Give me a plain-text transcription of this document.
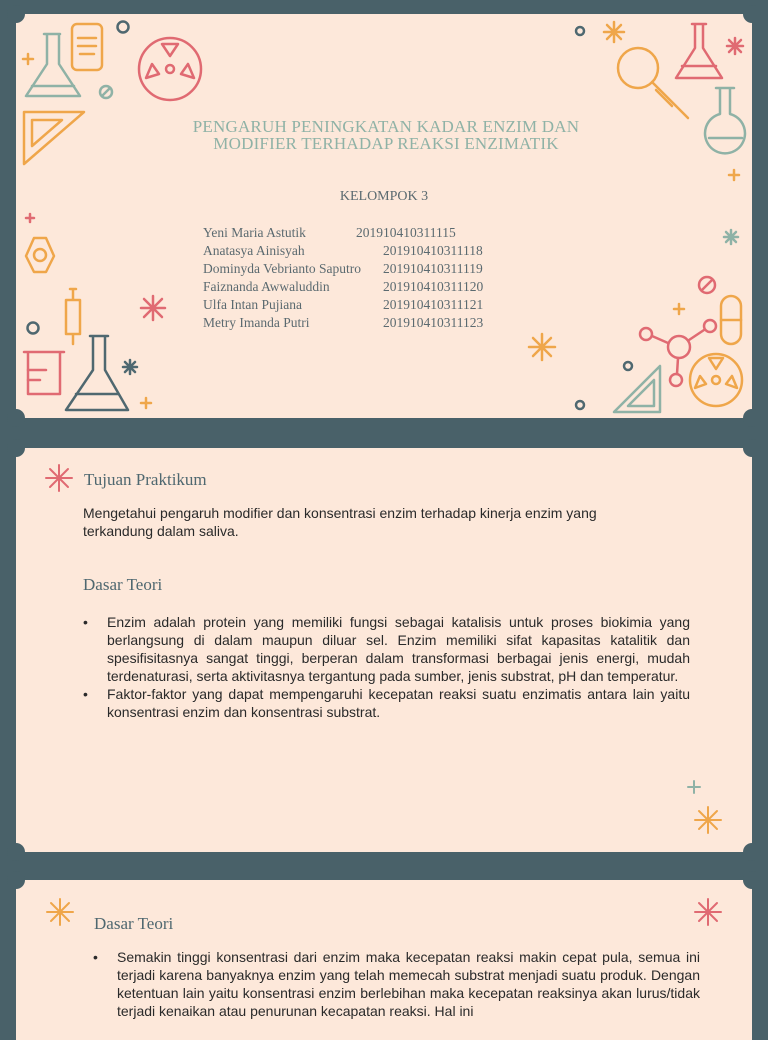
PENGARUH PENINGKATAN KADAR ENZIM DAN
MODIFIER TERHADAP REAKSI ENZIMATIK
KELOMPOK 3
Yeni Maria Astutik	201910410311115
Anatasya Ainisyah	201910410311118
Dominyda Vebrianto Saputro 201910410311119
Faiznanda Awwaluddin	201910410311120
Ulfa Intan Pujiana	201910410311121
Metry Imanda Putri	201910410311123
Tujuan Praktikum
Mengetahui pengaruh modifier dan konsentrasi enzim terhadap kinerja enzim yang terkandung dalam saliva.
Dasar Teori
• Enzim adalah protein yang memiliki fungsi sebagai katalisis untuk proses biokimia yang berlangsung di dalam maupun diluar sel. Enzim memiliki sifat kapasitas katalitik dan spesifisitasnya sangat tinggi, berperan dalam transformasi berbagai jenis energi, mudah terdenaturasi, serta aktivitasnya tergantung pada sumber, jenis substrat, pH dan temperatur.
• Faktor-faktor yang dapat mempengaruhi kecepatan reaksi suatu enzimatis antara lain yaitu konsentrasi enzim dan konsentrasi substrat.
Dasar Teori
• Semakin tinggi konsentrasi dari enzim maka kecepatan reaksi makin cepat pula, semua ini terjadi karena banyaknya enzim yang telah memecah substrat menjadi suatu produk. Dengan ketentuan lain yaitu konsentrasi enzim berlebihan maka kecepatan reaksinya akan lurus/tidak terjadi kenaikan atau penurunan kecapatan reaksi. Hal ini
